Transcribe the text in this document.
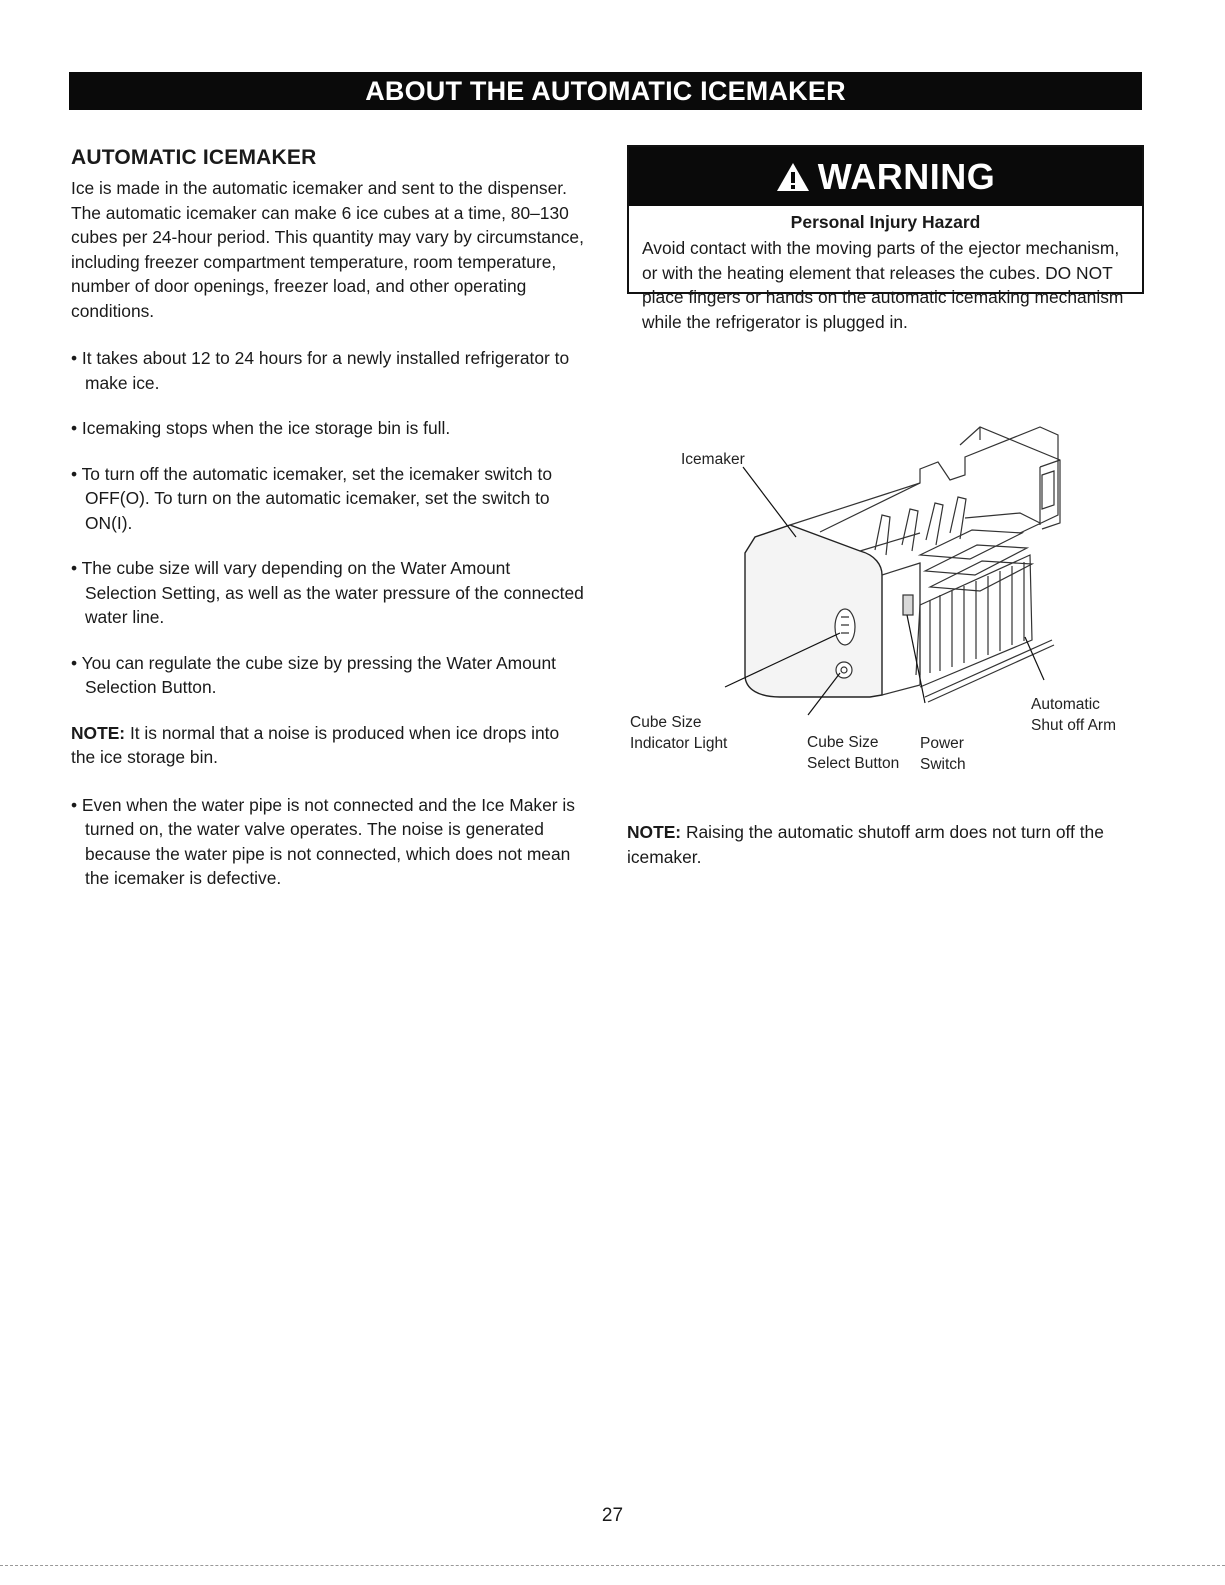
ABOUT THE AUTOMATIC ICEMAKER
AUTOMATIC ICEMAKER

Ice is made in the automatic icemaker and sent to the dispenser. The automatic icemaker can make 6 ice cubes at a time, 80–130 cubes per 24-hour period. This quantity may vary by circumstance, including freezer compartment temperature, room temperature, number of door openings, freezer load, and other operating conditions.

• It takes about 12 to 24 hours for a newly installed refrigerator to make ice.

• Icemaking stops when the ice storage bin is full.

• To turn off the automatic icemaker, set the icemaker switch to OFF(O). To turn on the automatic icemaker, set the switch to ON(I).

• The cube size will vary depending on the Water Amount Selection Setting, as well as the water pressure of the connected water line.

• You can regulate the cube size by pressing the Water Amount Selection Button.

NOTE: It is normal that a noise is produced when ice drops into the ice storage bin.

• Even when the water pipe is not connected and the Ice Maker is turned on, the water valve operates. The noise is generated because the water pipe is not connected, which does not mean the icemaker is defective.

WARNING
Personal Injury Hazard
Avoid contact with the moving parts of the ejector mechanism, or with the heating element that releases the cubes. DO NOT place fingers or hands on the automatic icemaking mechanism while the refrigerator is plugged in.
Icemaker
Cube Size
Indicator Light	Cube Size
Select Button
Power
Switch
Automatic
Shut off Arm
NOTE: Raising the automatic shutoff arm does not turn off the icemaker.
27
